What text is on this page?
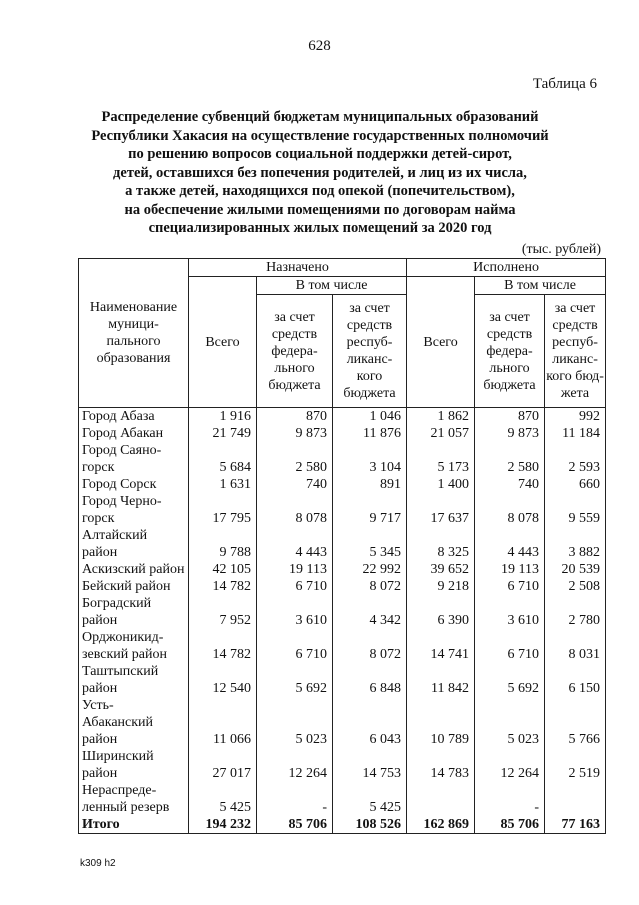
628
Таблица 6
Распределение субвенций бюджетам муниципальных образований
Республики Хакасия на осуществление государственных полномочий
по решению вопросов социальной поддержки детей-сирот,
детей, оставшихся без попечения родителей, и лиц из их числа,
а также детей, находящихся под опекой (попечительством),
на обеспечение жилыми помещениями по договорам найма
специализированных жилых помещений за 2020 год
(тыс. рублей)
Наименование муници- пального образования	Назначено			Исполнено		
	Всего	В том числе		Всего	В том числе	
		за счет средств федера- льного бюджета	за счет средств респуб- ликанс- кого бюджета		за счет средств федера- льного бюджета	за счет средств респуб- ликанс- кого бюд- жета
Город Абаза	1 916	870	1 046	1 862	870	992
Город Абакан	21 749	9 873	11 876	21 057	9 873	11 184
Город Саяно- горск	5 684	2 580	3 104	5 173	2 580	2 593
Город Сорск	1 631	740	891	1 400	740	660
Город Черно- горск	17 795	8 078	9 717	17 637	8 078	9 559
Алтайский район	9 788	4 443	5 345	8 325	4 443	3 882
Аскизский район	42 105	19 113	22 992	39 652	19 113	20 539
Бейский район	14 782	6 710	8 072	9 218	6 710	2 508
Боградский район	7 952	3 610	4 342	6 390	3 610	2 780
Орджоникид- зевский район	14 782	6 710	8 072	14 741	6 710	8 031
Таштыпский район	12 540	5 692	6 848	11 842	5 692	6 150
Усть- Абаканский район	11 066	5 023	6 043	10 789	5 023	5 766
Ширинский район	27 017	12 264	14 753	14 783	12 264	2 519
Нераспреде- ленный резерв	5 425	-	5 425		-	
Итого	194 232	85 706	108 526	162 869	85 706	77 163
k309 h2
